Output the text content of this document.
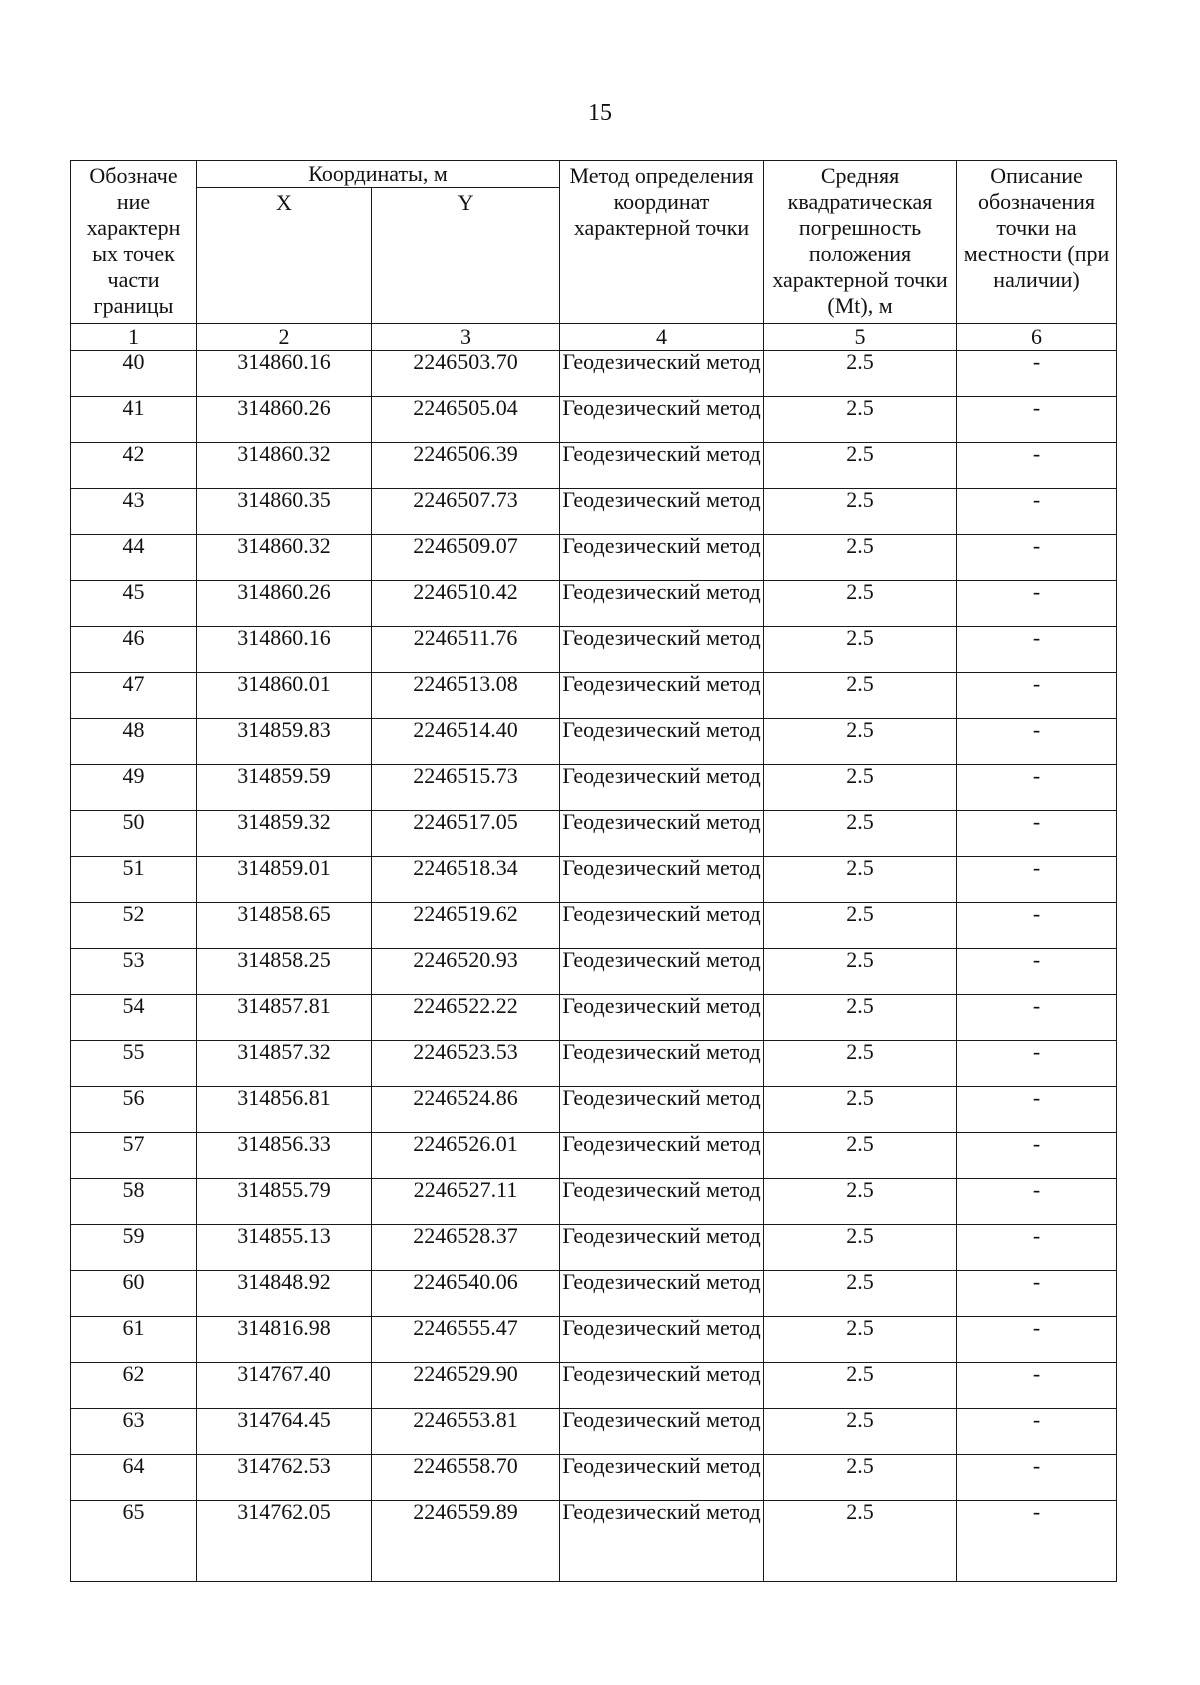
15
Обозначе ние характерн ых точек части границы	Координаты, м		Метод определения координат характерной точки	Средняя квадратическая погрешность положения характерной точки (Mt), м	Описание обозначения точки на местности (при наличии)
	X	Y			
1	2	3	4	5	6
40	314860.16	2246503.70	Геодезический метод	2.5	-
41	314860.26	2246505.04	Геодезический метод	2.5	-
42	314860.32	2246506.39	Геодезический метод	2.5	-
43	314860.35	2246507.73	Геодезический метод	2.5	-
44	314860.32	2246509.07	Геодезический метод	2.5	-
45	314860.26	2246510.42	Геодезический метод	2.5	-
46	314860.16	2246511.76	Геодезический метод	2.5	-
47	314860.01	2246513.08	Геодезический метод	2.5	-
48	314859.83	2246514.40	Геодезический метод	2.5	-
49	314859.59	2246515.73	Геодезический метод	2.5	-
50	314859.32	2246517.05	Геодезический метод	2.5	-
51	314859.01	2246518.34	Геодезический метод	2.5	-
52	314858.65	2246519.62	Геодезический метод	2.5	-
53	314858.25	2246520.93	Геодезический метод	2.5	-
54	314857.81	2246522.22	Геодезический метод	2.5	-
55	314857.32	2246523.53	Геодезический метод	2.5	-
56	314856.81	2246524.86	Геодезический метод	2.5	-
57	314856.33	2246526.01	Геодезический метод	2.5	-
58	314855.79	2246527.11	Геодезический метод	2.5	-
59	314855.13	2246528.37	Геодезический метод	2.5	-
60	314848.92	2246540.06	Геодезический метод	2.5	-
61	314816.98	2246555.47	Геодезический метод	2.5	-
62	314767.40	2246529.90	Геодезический метод	2.5	-
63	314764.45	2246553.81	Геодезический метод	2.5	-
64	314762.53	2246558.70	Геодезический метод	2.5	-
65	314762.05	2246559.89	Геодезический метод	2.5	-
